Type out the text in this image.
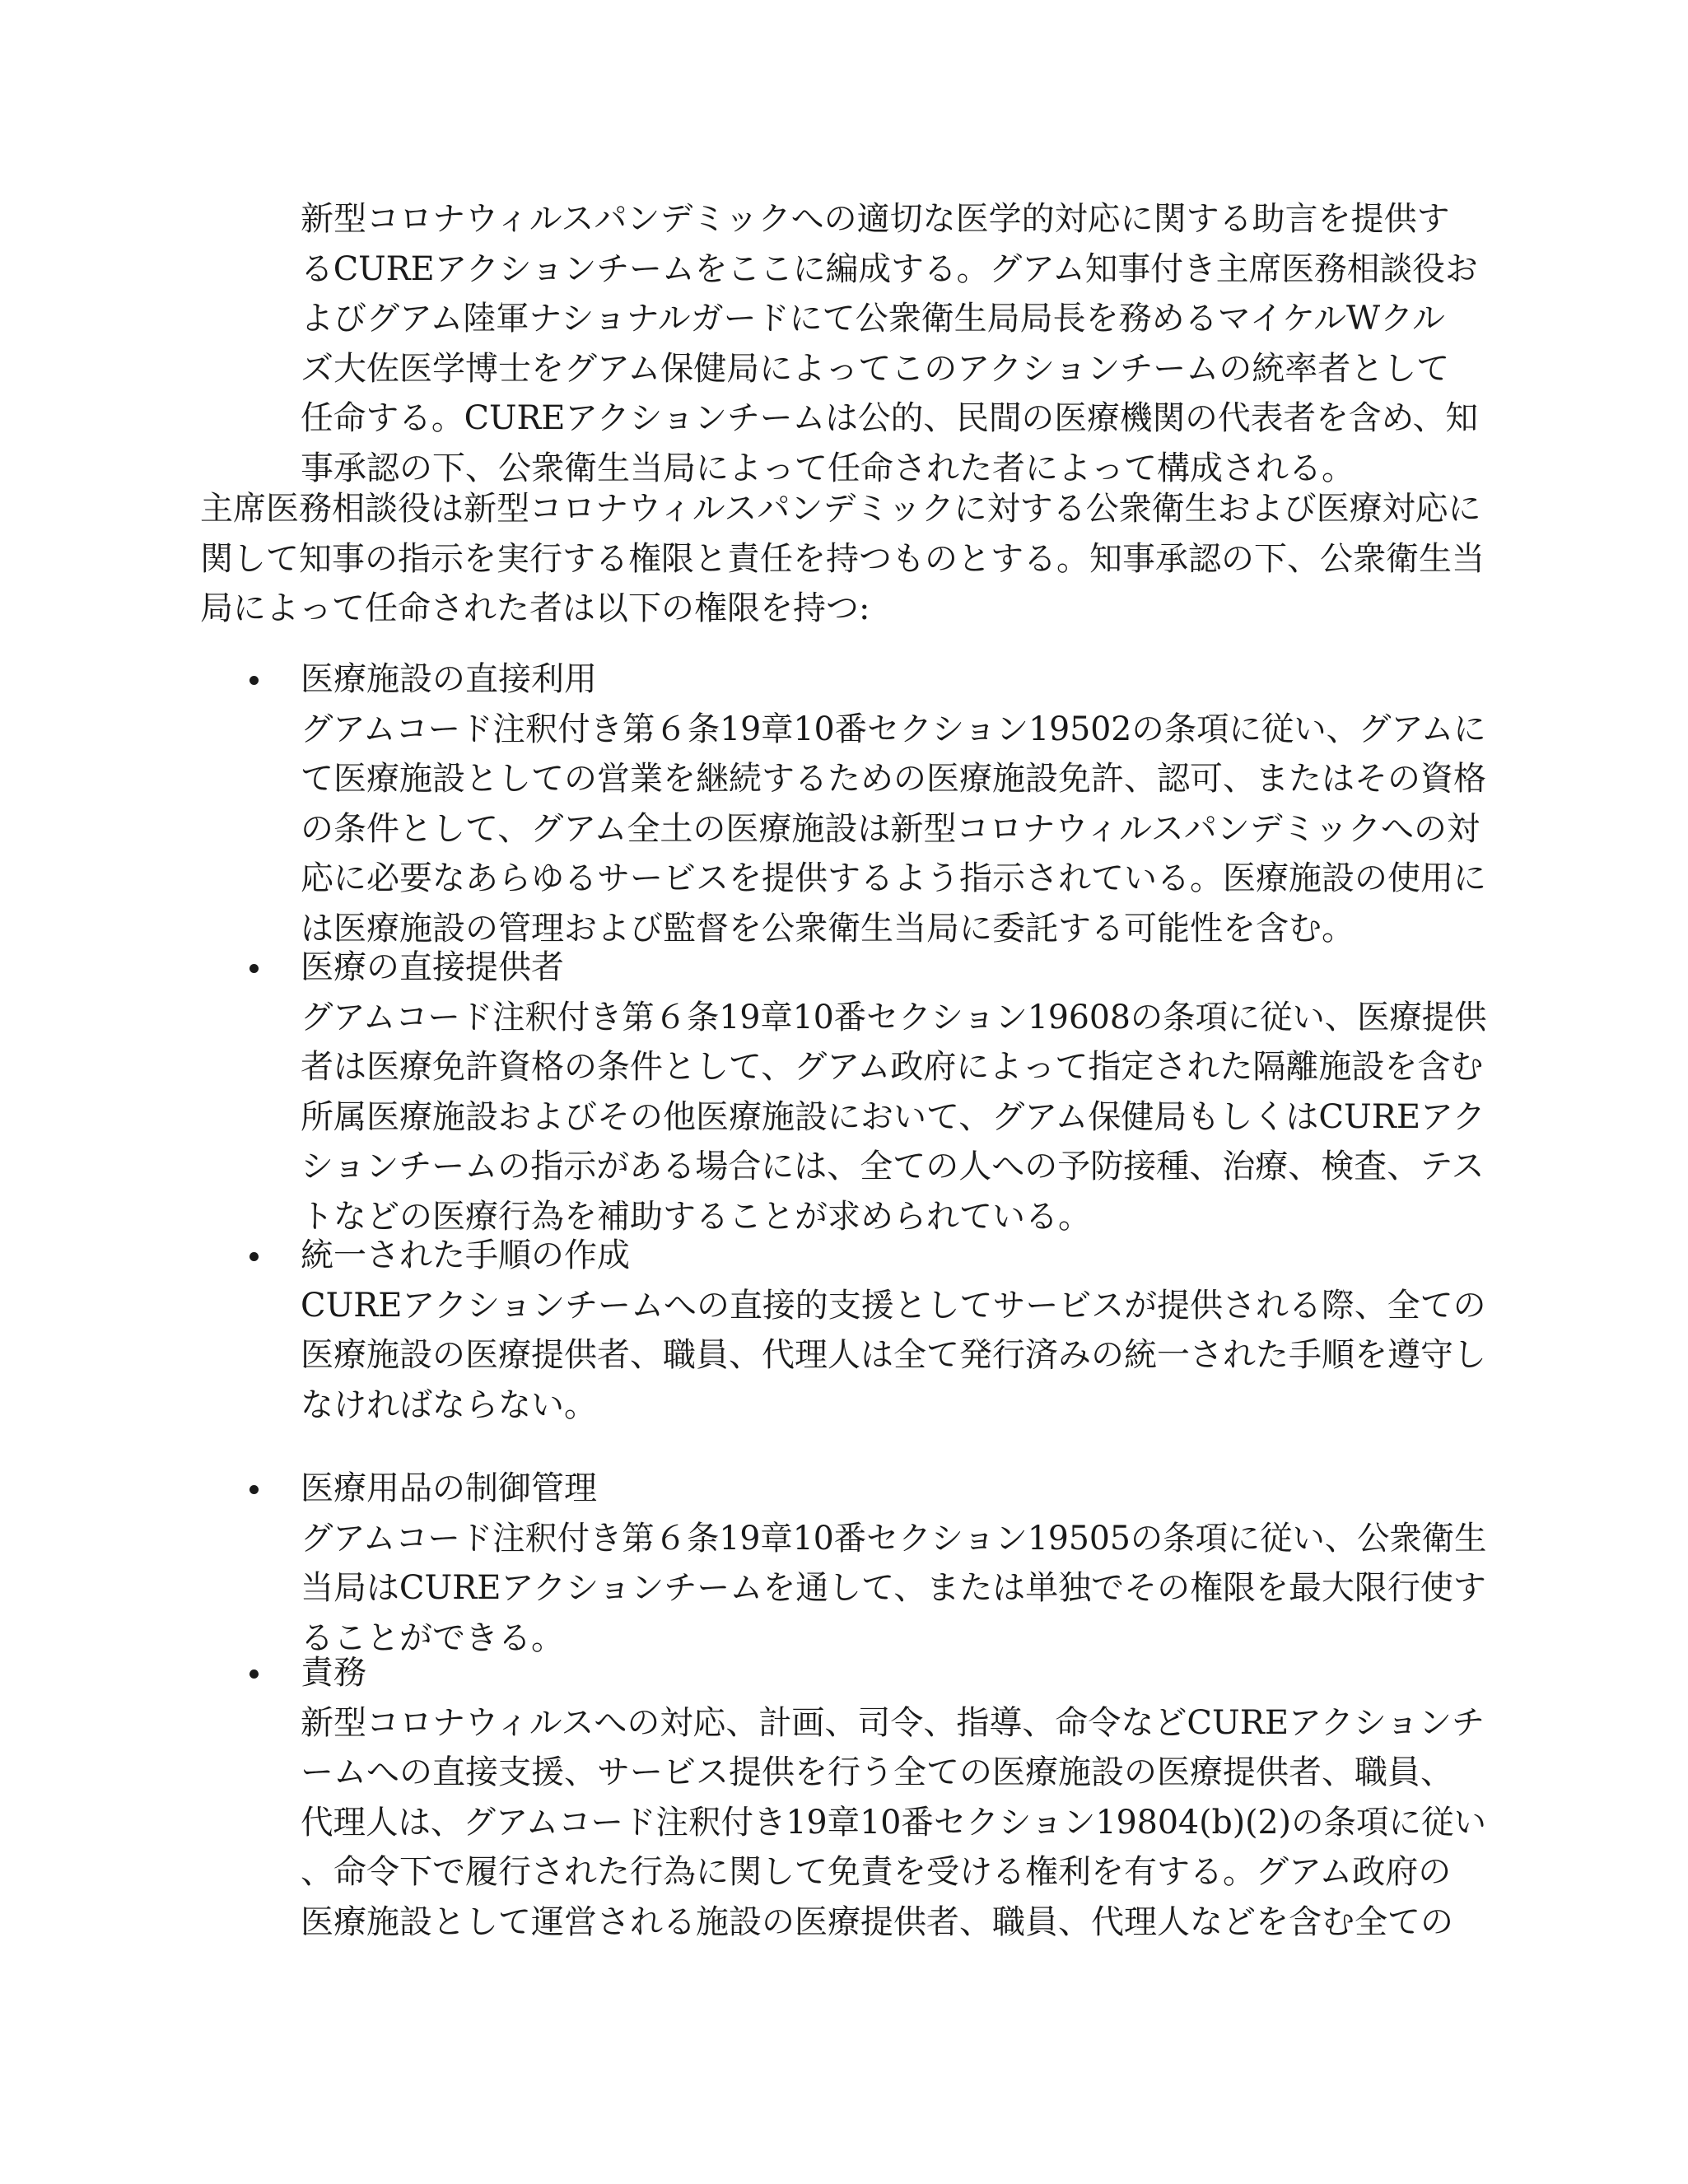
新型コロナウィルスパンデミックへの適切な医学的対応に関する助言を提供す
るCUREアクションチームをここに編成する。グアム知事付き主席医務相談役お
よびグアム陸軍ナショナルガードにて公衆衛生局局長を務めるマイケルWクル
ズ大佐医学博士をグアム保健局によってこのアクションチームの統率者として
任命する。CUREアクションチームは公的、民間の医療機関の代表者を含め、知
事承認の下、公衆衛生当局によって任命された者によって構成される。
主席医務相談役は新型コロナウィルスパンデミックに対する公衆衛生および医療対応に
関して知事の指示を実行する権限と責任を持つものとする。知事承認の下、公衆衛生当
局によって任命された者は以下の権限を持つ:
医療施設の直接利用
グアムコード注釈付き第６条19章10番セクション19502の条項に従い、グアムに
て医療施設としての営業を継続するための医療施設免許、認可、またはその資格
の条件として、グアム全土の医療施設は新型コロナウィルスパンデミックへの対
応に必要なあらゆるサービスを提供するよう指示されている。医療施設の使用に
は医療施設の管理および監督を公衆衛生当局に委託する可能性を含む。
医療の直接提供者
グアムコード注釈付き第６条19章10番セクション19608の条項に従い、医療提供
者は医療免許資格の条件として、グアム政府によって指定された隔離施設を含む
所属医療施設およびその他医療施設において、グアム保健局もしくはCUREアク
ションチームの指示がある場合には、全ての人への予防接種、治療、検査、テス
トなどの医療行為を補助することが求められている。
統一された手順の作成
CUREアクションチームへの直接的支援としてサービスが提供される際、全ての
医療施設の医療提供者、職員、代理人は全て発行済みの統一された手順を遵守し
なければならない。
医療用品の制御管理
グアムコード注釈付き第６条19章10番セクション19505の条項に従い、公衆衛生
当局はCUREアクションチームを通して、または単独でその権限を最大限行使す
ることができる。
責務
新型コロナウィルスへの対応、計画、司令、指導、命令などCUREアクションチ
ームへの直接支援、サービス提供を行う全ての医療施設の医療提供者、職員、
代理人は、グアムコード注釈付き19章10番セクション19804(b)(2)の条項に従い
、命令下で履行された行為に関して免責を受ける権利を有する。グアム政府の
医療施設として運営される施設の医療提供者、職員、代理人などを含む全ての
